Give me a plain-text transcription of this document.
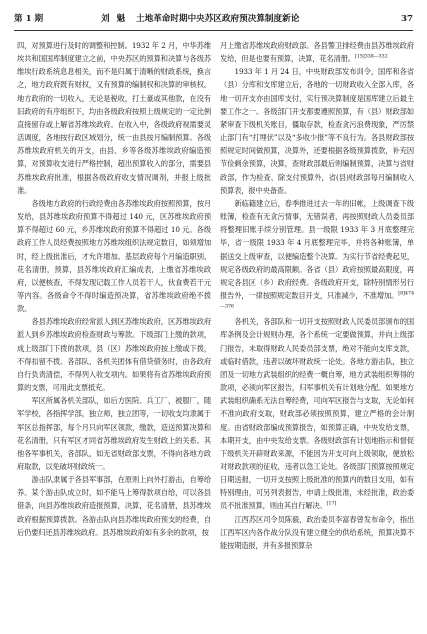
第 1 期	刘 魁 土地革命时期中央苏区政府预决算制度新论	37

四，对预算进行及时的调整和控制。1932 年 2 月，中华苏维埃共和国国库制度建立之前，中央苏区的预算和决算与各级苏维埃行政系统息息相关，而不是归属于清晰的财政系统，换言之，地方政府既有财权，又有预算的编制权和决算的审核权。地方政府的一切收入，无论是税收，打土豪或其他款，在没有旧政府的有序组织下，均由各级政府按照上级规定的一定比例直接留存或上解省苏维埃政府。在收入中，各级政府视需要灵活调度，各地按行政区域划分，统一由县按月编制预算。各级苏维埃政府机关的开支，由县、乡等各级苏维埃政府编造预算，对预算收支进行严格控制，超出预算收入的部分，需要县苏维埃政府批准，根据各级政府收支情况调剂，并报上级批准。

各级地方政府的行政经费由各苏维埃政府按照预算，按月发给，县苏维埃政府预算不得超过 140 元，区苏维埃政府预算不得超过 60 元，乡苏维埃政府预算不得超过 10 元。各级政府工作人员经费按照地方苏维埃组织法规定数目，如须增加时，经上级批准后，才允许增加。基层政府每个月编造职别、花名清册，预算，县苏维埃政府汇编成表，上缴省苏维埃政府，以便核查，不得发现记载工作人员若干人，伙食费若干元等内容。各级命令不得时编造预决算，省苏维埃政府绝不拨款。

各县苏维埃政府经常派人到区苏维埃政府，区苏维埃政府派人到乡苏维埃政府检查财政与筹款。下级部门上缴的款项，成上级部门下拨的款项，县（区）苏维埃政府按上缴或下拨，不得扣留不拨。各部队、各机关团体有借贷债务时，由各政府自行负责清偿，不得列入收支项内。如果将有省苏维埃政府预算的支票，可用此支票抵充。

军区所属各机关部队，如后方医院、兵工厂，被服厂，随军学校，各指挥学部，独立师，独立团等，一切收支均隶属于军区总指挥部，每个月只向军区领款，缴款，造送预算决算和花名清册，只有军区才同省苏维埃政府发生财政上的关系。其他各军事机关，各部队，如无省财政部支票，不得向各地方政府取款，以免破坏财政统一。

游击队隶属于各县军事部，在原则上向外打游击，自筹给养。某个游击队成立时，如不能马上筹得款项自给，可以各县借条，向县苏维埃政府造报预算，决算，花名清册，县苏维埃政府根据预算拨款。各游击队向县苏维埃政府预支的经费，自后仍要归还县苏维埃政府。县苏维埃政府如有多余的款项，按

月上缴省苏维埃政府财政部。各县警卫排经费由县苏维埃政府发给，但是也要有预算，决算，花名清册。$^{[15]338—332}$

1933 年 1 月 24 日，中央财政部发布训令，国库和各省（县）分库和支库建立后，各地的一切财政收入全部入库，各地一切开支亦由国库支付，实行预决算制度是国库建立后最主要工作之一。各级部门开支都要遵照预算，有（县）财政部如紧审查下级机关账目，僵取存款，检查贪污浪费现象，严厉禁止部门有“打埋伏”以及“多收少报”等不良行为。各县财政部按照规定时间做预算，决算外，还要根据各级预算拨款，补充因节俭剩余预算，决算，查财政部最后则编制预算，决算与省财政部，作为检查、除支付预算外，省(县)财政部每月编制收入预算表，报中央备查。

新临籍建立后，春季推进过去一年的旧帐，上级调查下级账簿，检查有无贪污情事，无错误者，再按照财政人员委员部将整理旧账手续分别管理。县一级限 1933 年 3 月底整理完毕，省一级限 1933 年 4 月底整理完毕，并将各种账簿，单据送交上级审查，以便编造整个决算。为实行节省经费起见，规定各级政府的最高限额。各省（县）政府按照最高限度，再规定各县区（乡）政府经费。各级政府开支，除特别情形另行报告外，一律按照规定数目开支，只准减少，不准增加。$^{[8]474—376}$

各机关，各部队和一切开支按照财政人民委员部颁布的国库条例及会计规则办理，各个系统一定要做预算，并向上级部门报告，未取得财政人民委员部支票，绝对不能向支库支款，或临时借款，违者以破坏财政统一论处。各地方游击队，独立团及一切地方武装组织的经费一概自筹，地方武装组织筹得的款项，必须向军区报告，归军事机关有计划地分配。如果地方武装组织确系无法自筹经费，可向军区报告与支取，无论如何不准向政府支取，财政部必须按照预算，建立严格的会计制度。由省财政部编成预算报告，如预算正确，中央发给支票，本期开支，由中央发给支票。各级财政部有计划地指示和督促下级机关开辟财政来源，不能因为开支可向上级领取，便放松对财政款项的征收，违者以急工论处。各级部门预算按照规定日期送报，一切开支按照上级批准的预算内的数目支用，如有特别理由，可另列表报告，申请上级批准，未经批准，政治委员不批准预算，则由其自行解决。[17]

江西苏区司令员陈毅，政治委员李富春曾发布命令，指出江西军区内各作战分队没有建立健全的供给系统，预算决算不能按期造报，并有多报预算杂
